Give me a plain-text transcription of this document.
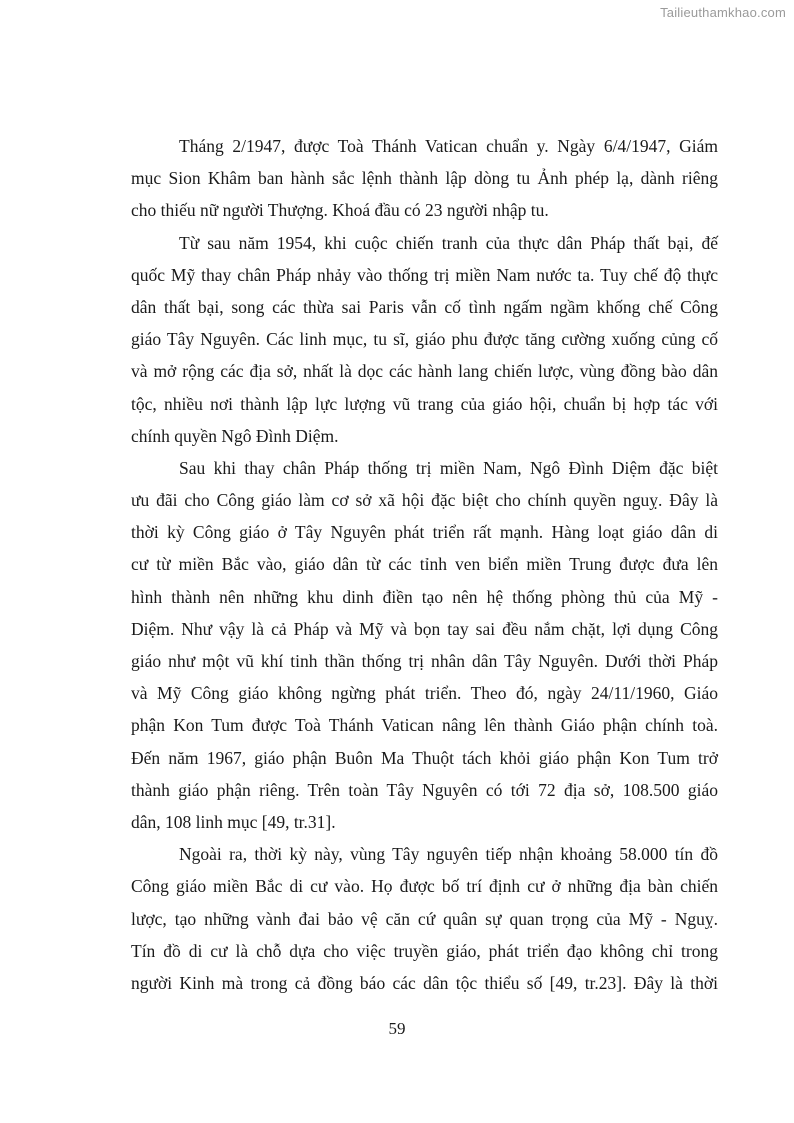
Tailieuthamkhao.com
Tháng 2/1947, được Toà Thánh Vatican chuẩn y. Ngày 6/4/1947, Giám
mục Sion Khâm ban hành sắc lệnh thành lập dòng tu Ảnh phép lạ, dành riêng
cho thiếu nữ người Thượng. Khoá đầu có 23 người nhập tu.
Từ sau năm 1954, khi cuộc chiến tranh của thực dân Pháp thất bại, đế
quốc Mỹ thay chân Pháp nhảy vào thống trị miền Nam nước ta. Tuy chế độ thực
dân thất bại, song các thừa sai Paris vẫn cố tình ngấm ngầm khống chế Công
giáo Tây Nguyên. Các linh mục, tu sĩ, giáo phu được tăng cường xuống củng cố
và mở rộng các địa sở, nhất là dọc các hành lang chiến lược, vùng đồng bào dân
tộc, nhiều nơi thành lập lực lượng vũ trang của giáo hội, chuẩn bị hợp tác với
chính quyền Ngô Đình Diệm.
Sau khi thay chân Pháp thống trị miền Nam, Ngô Đình Diệm đặc biệt
ưu đãi cho Công giáo làm cơ sở xã hội đặc biệt cho chính quyền nguỵ. Đây là
thời kỳ Công giáo ở Tây Nguyên phát triển rất mạnh. Hàng loạt giáo dân di
cư từ miền Bắc vào, giáo dân từ các tỉnh ven biển miền Trung được đưa lên
hình thành nên những khu dinh điền tạo nên hệ thống phòng thủ của Mỹ -
Diệm. Như vậy là cả Pháp và Mỹ và bọn tay sai đều nắm chặt, lợi dụng Công
giáo như một vũ khí tinh thần thống trị nhân dân Tây Nguyên. Dưới thời Pháp
và Mỹ Công giáo không ngừng phát triển. Theo đó, ngày 24/11/1960, Giáo
phận Kon Tum được Toà Thánh Vatican nâng lên thành Giáo phận chính toà.
Đến năm 1967, giáo phận Buôn Ma Thuột tách khỏi giáo phận Kon Tum trở
thành giáo phận riêng. Trên toàn Tây Nguyên có tới 72 địa sở, 108.500 giáo
dân, 108 linh mục [49, tr.31].
Ngoài ra, thời kỳ này, vùng Tây nguyên tiếp nhận khoảng 58.000 tín đồ
Công giáo miền Bắc di cư vào. Họ được bố trí định cư ở những địa bàn chiến
lược, tạo những vành đai bảo vệ căn cứ quân sự quan trọng của Mỹ - Nguỵ.
Tín đồ di cư là chỗ dựa cho việc truyền giáo, phát triển đạo không chỉ trong
người Kinh mà trong cả đồng báo các dân tộc thiểu số [49, tr.23]. Đây là thời
59
